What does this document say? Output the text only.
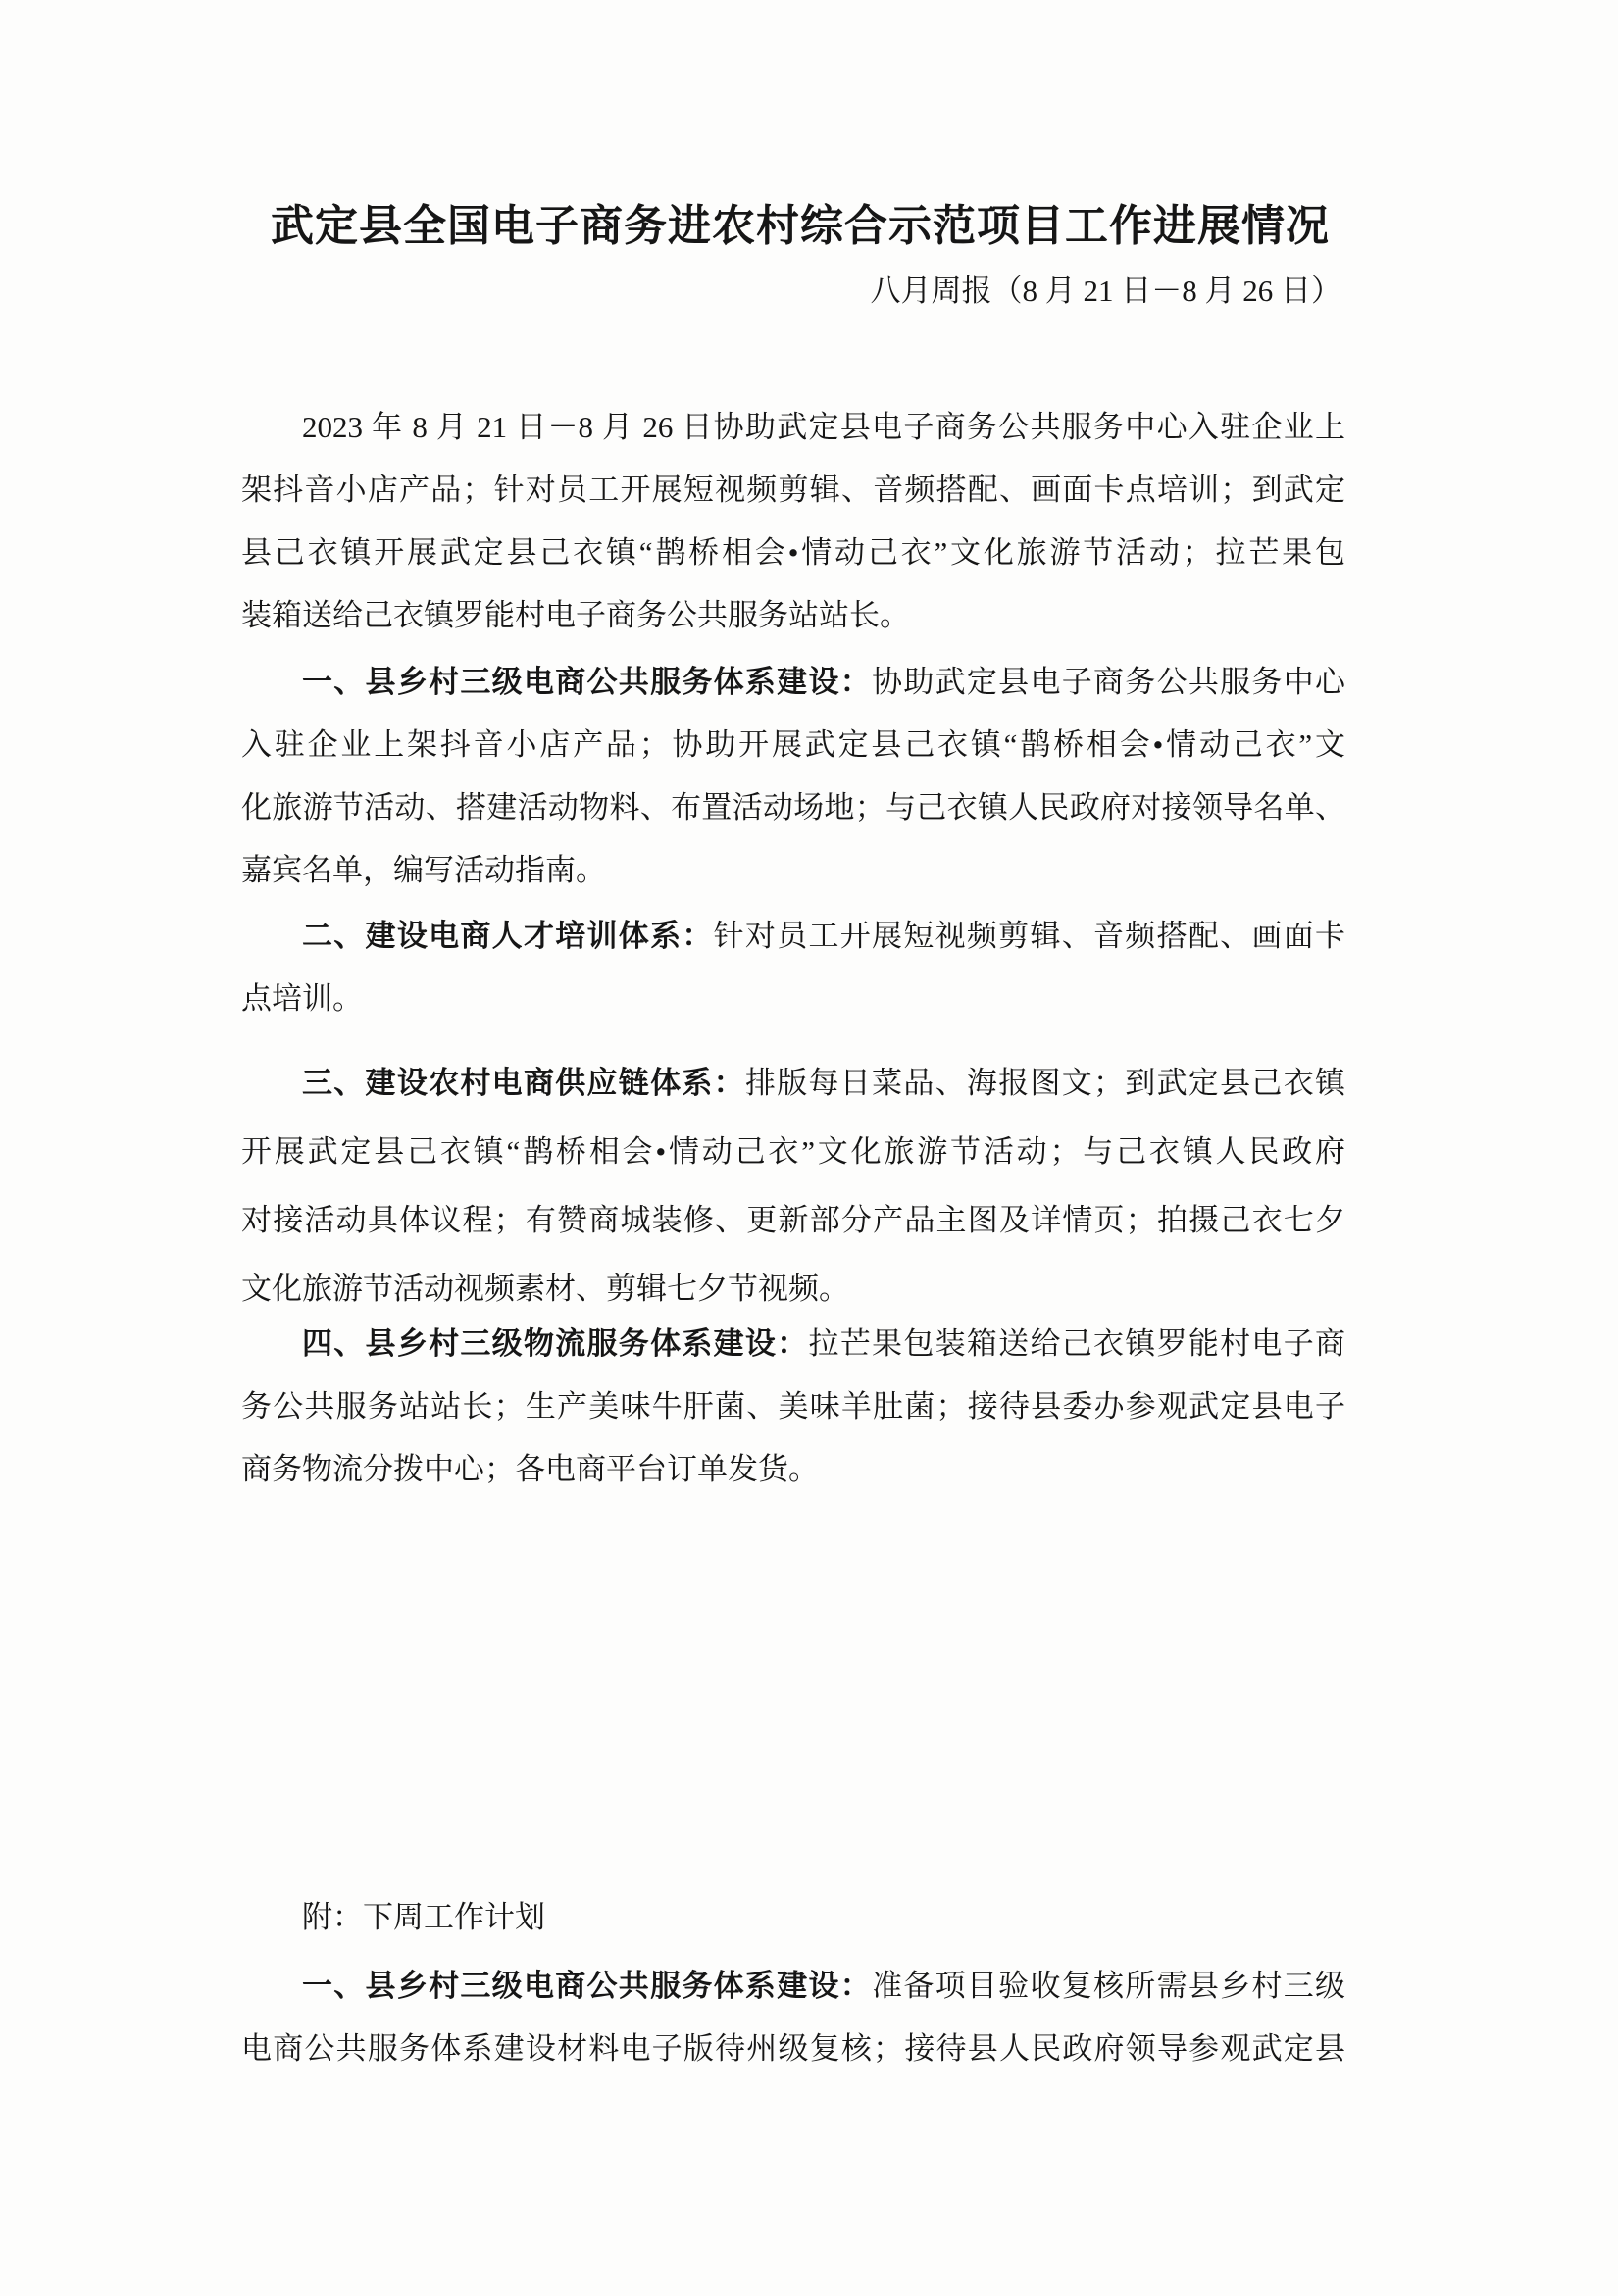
武定县全国电子商务进农村综合示范项目工作进展情况
八月周报（8 月 21 日－8 月 26 日）
2023 年 8 月 21 日－8 月 26 日协助武定县电子商务公共服务中心入驻企业上
架抖音小店产品；针对员工开展短视频剪辑、音频搭配、画面卡点培训；到武定
县己衣镇开展武定县己衣镇“鹊桥相会•情动己衣”文化旅游节活动；拉芒果包
装箱送给己衣镇罗能村电子商务公共服务站站长。
一、县乡村三级电商公共服务体系建设：协助武定县电子商务公共服务中心
入驻企业上架抖音小店产品；协助开展武定县己衣镇“鹊桥相会•情动己衣”文
化旅游节活动、搭建活动物料、布置活动场地；与己衣镇人民政府对接领导名单、
嘉宾名单，编写活动指南。
二、建设电商人才培训体系：针对员工开展短视频剪辑、音频搭配、画面卡
点培训。
三、建设农村电商供应链体系：排版每日菜品、海报图文；到武定县己衣镇
开展武定县己衣镇“鹊桥相会•情动己衣”文化旅游节活动；与己衣镇人民政府
对接活动具体议程；有赞商城装修、更新部分产品主图及详情页；拍摄己衣七夕
文化旅游节活动视频素材、剪辑七夕节视频。
四、县乡村三级物流服务体系建设：拉芒果包装箱送给己衣镇罗能村电子商
务公共服务站站长；生产美味牛肝菌、美味羊肚菌；接待县委办参观武定县电子
商务物流分拨中心；各电商平台订单发货。
附：下周工作计划
一、县乡村三级电商公共服务体系建设：准备项目验收复核所需县乡村三级
电商公共服务体系建设材料电子版待州级复核；接待县人民政府领导参观武定县
